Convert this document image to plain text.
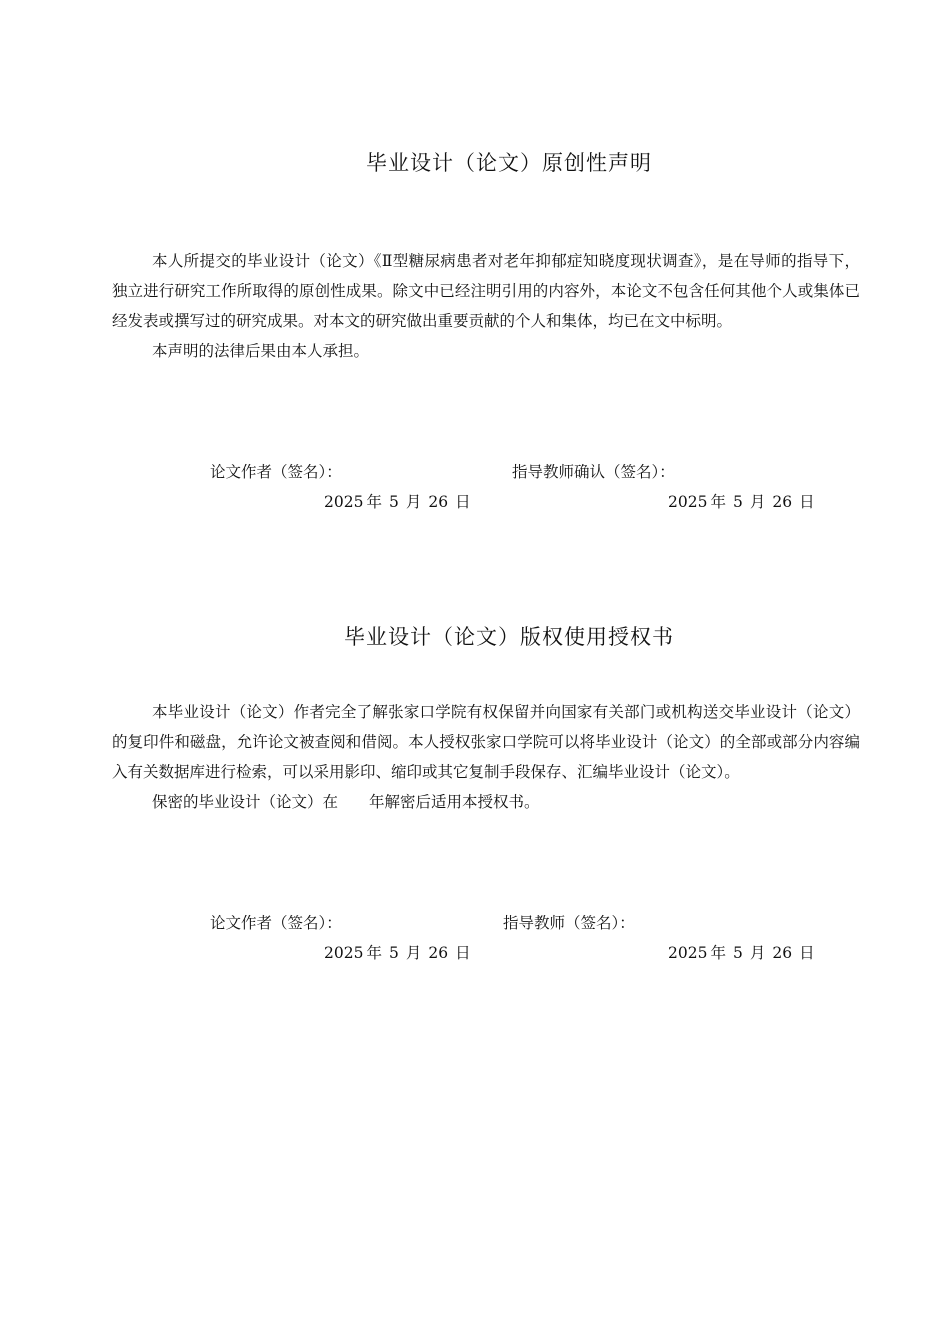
毕业设计（论文）原创性声明

本人所提交的毕业设计（论文）《Ⅱ型糖尿病患者对老年抑郁症知晓度现状调查》，是在导师的指导下，独立进行研究工作所取得的原创性成果。除文中已经注明引用的内容外，本论文不包含任何其他个人或集体已经发表或撰写过的研究成果。对本文的研究做出重要贡献的个人和集体，均已在文中标明。

本声明的法律后果由本人承担。

论文作者（签名）：	指导教师确认（签名）：
2025 年 5 月 26 日	2025 年 5 月 26 日
毕业设计（论文）版权使用授权书

本毕业设计（论文）作者完全了解张家口学院有权保留并向国家有关部门或机构送交毕业设计（论文）的复印件和磁盘，允许论文被查阅和借阅。本人授权张家口学院可以将毕业设计（论文）的全部或部分内容编入有关数据库进行检索，可以采用影印、缩印或其它复制手段保存、汇编毕业设计（论文）。

保密的毕业设计（论文）在　　年解密后适用本授权书。

论文作者（签名）：	指导教师（签名）：
2025 年 5 月 26 日	2025 年 5 月 26 日
